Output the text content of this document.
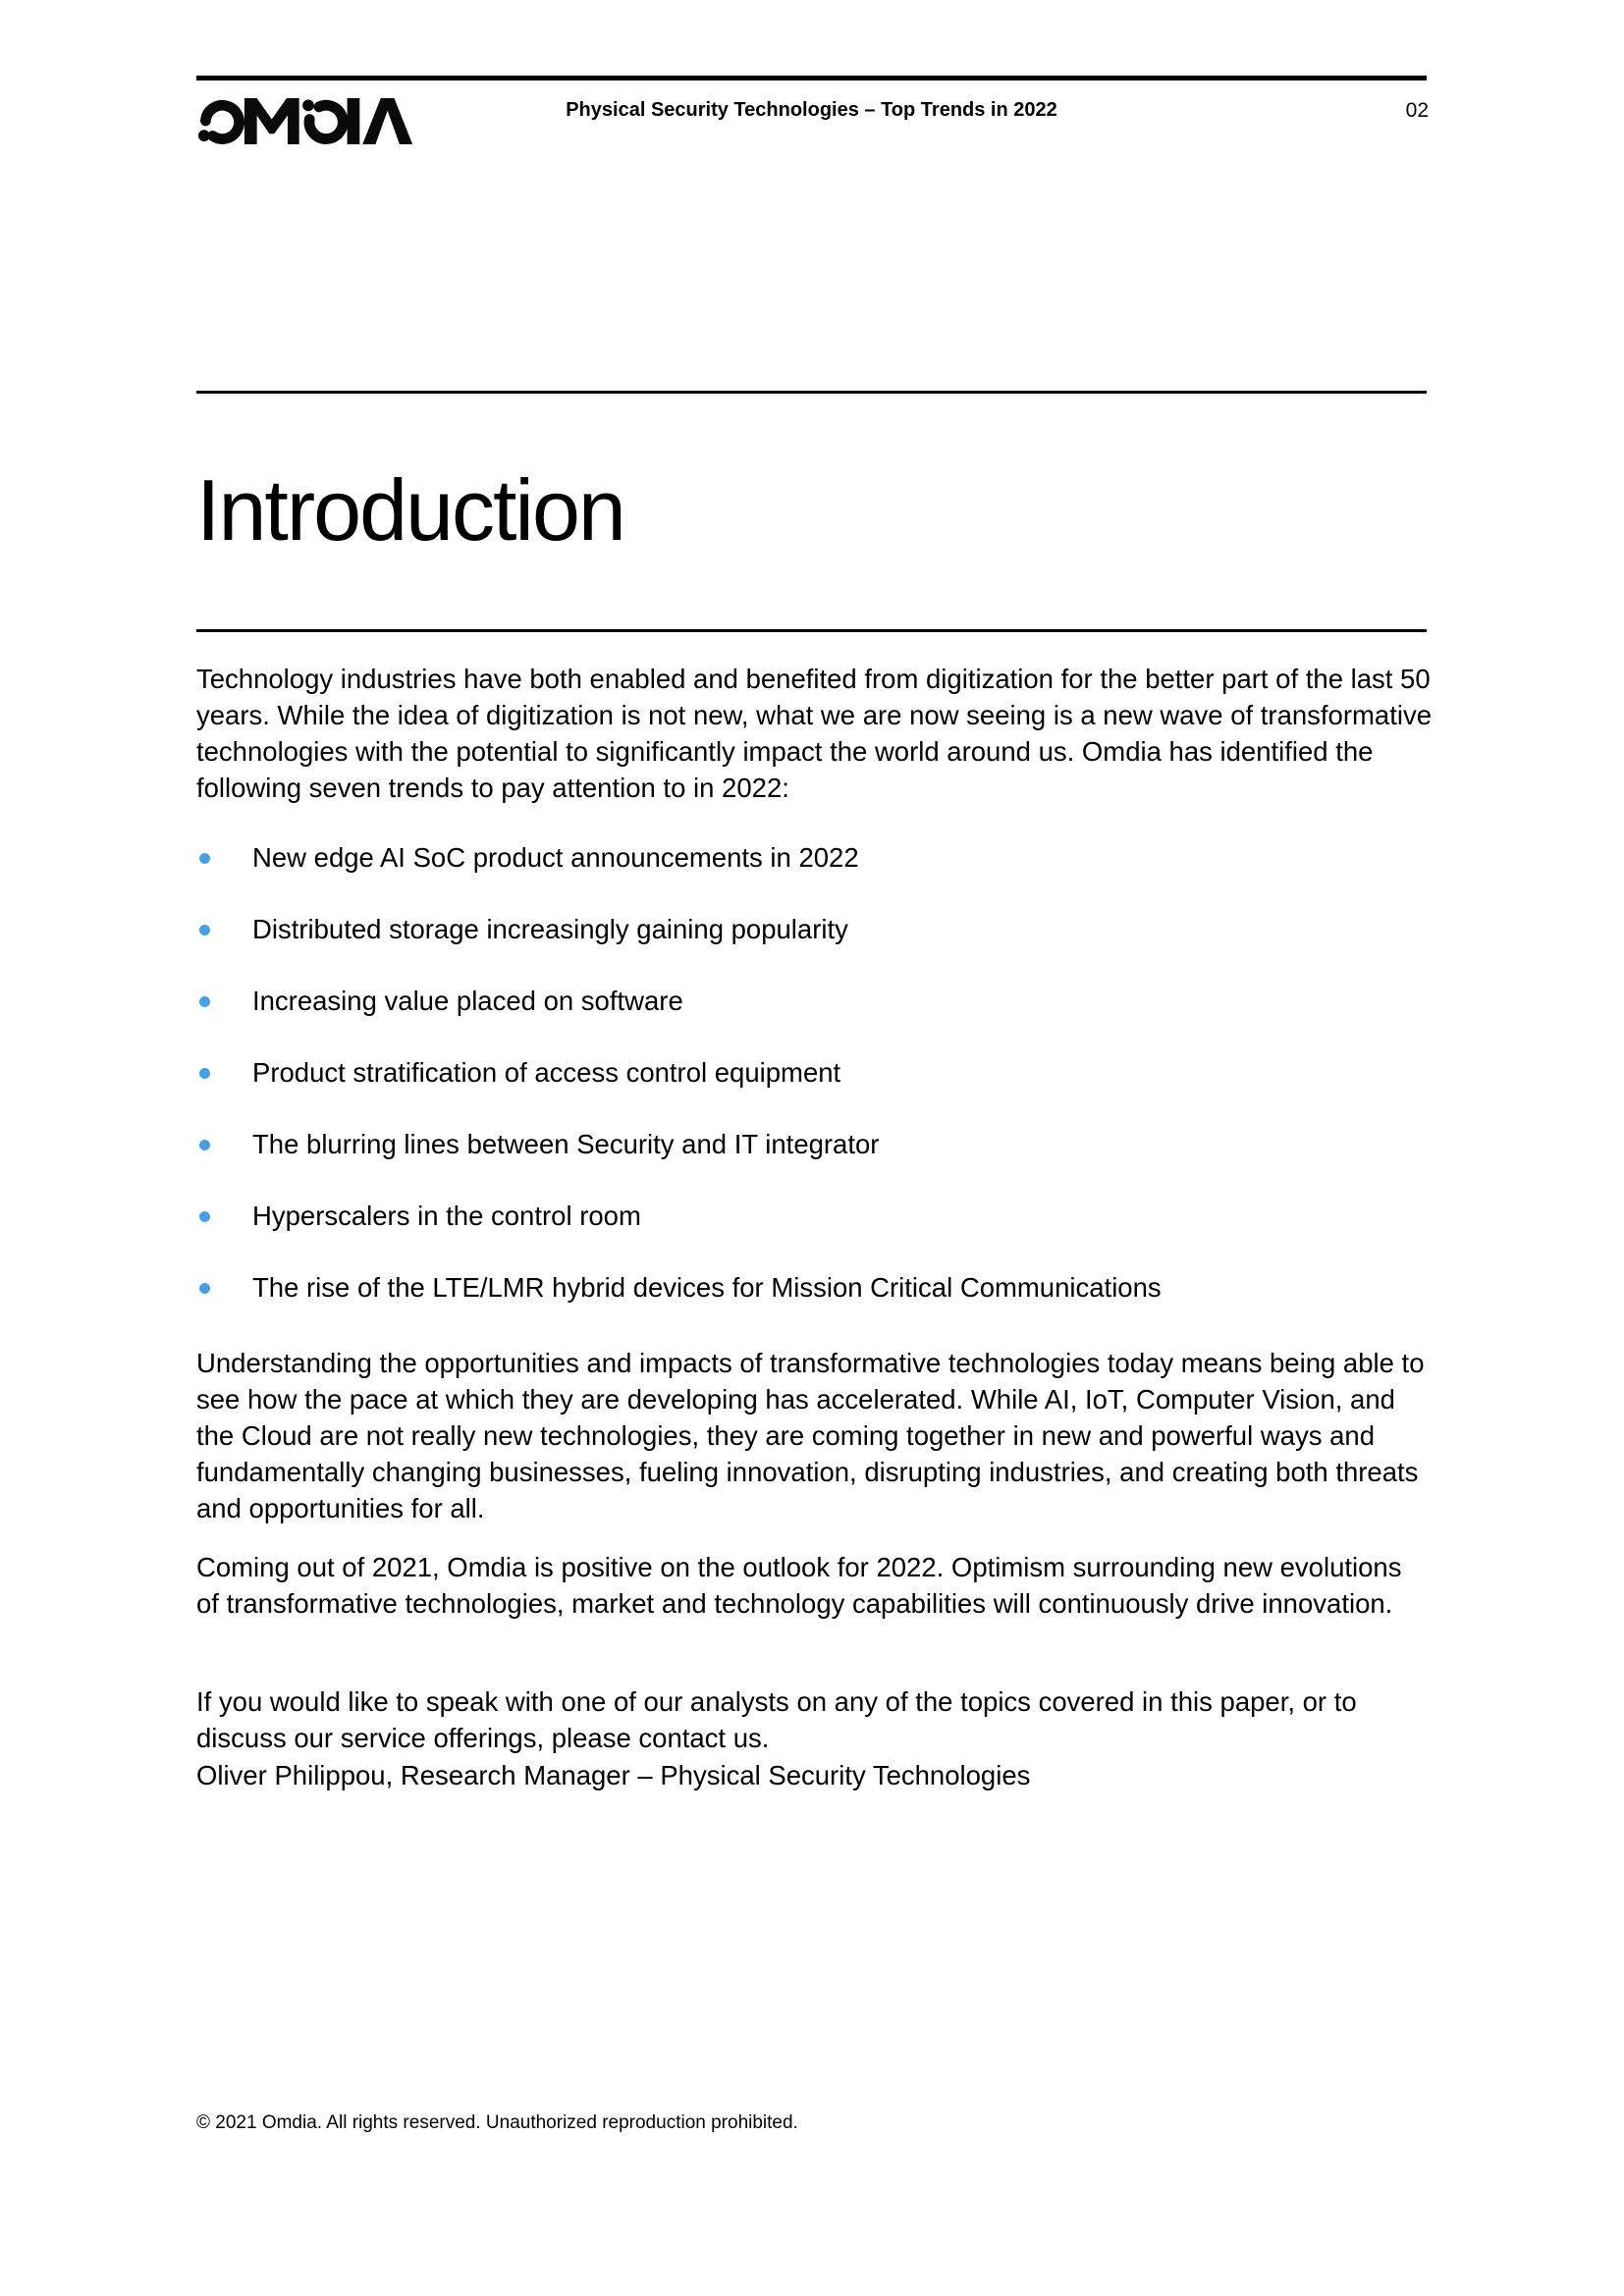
Physical Security Technologies – Top Trends in 2022	02
Introduction

Technology industries have both enabled and benefited from digitization for the better part of the last 50 years. While the idea of digitization is not new, what we are now seeing is a new wave of transformative technologies with the potential to significantly impact the world around us. Omdia has identified the following seven trends to pay attention to in 2022:

New edge AI SoC product announcements in 2022
Distributed storage increasingly gaining popularity
Increasing value placed on software
Product stratification of access control equipment
The blurring lines between Security and IT integrator
Hyperscalers in the control room
The rise of the LTE/LMR hybrid devices for Mission Critical Communications

Understanding the opportunities and impacts of transformative technologies today means being able to see how the pace at which they are developing has accelerated. While AI, IoT, Computer Vision, and the Cloud are not really new technologies, they are coming together in new and powerful ways and fundamentally changing businesses, fueling innovation, disrupting industries, and creating both threats and opportunities for all.

Coming out of 2021, Omdia is positive on the outlook for 2022. Optimism surrounding new evolutions of transformative technologies, market and technology capabilities will continuously drive innovation.

If you would like to speak with one of our analysts on any of the topics covered in this paper, or to discuss our service offerings, please contact us.

Oliver Philippou, Research Manager – Physical Security Technologies

© 2021 Omdia. All rights reserved. Unauthorized reproduction prohibited.
